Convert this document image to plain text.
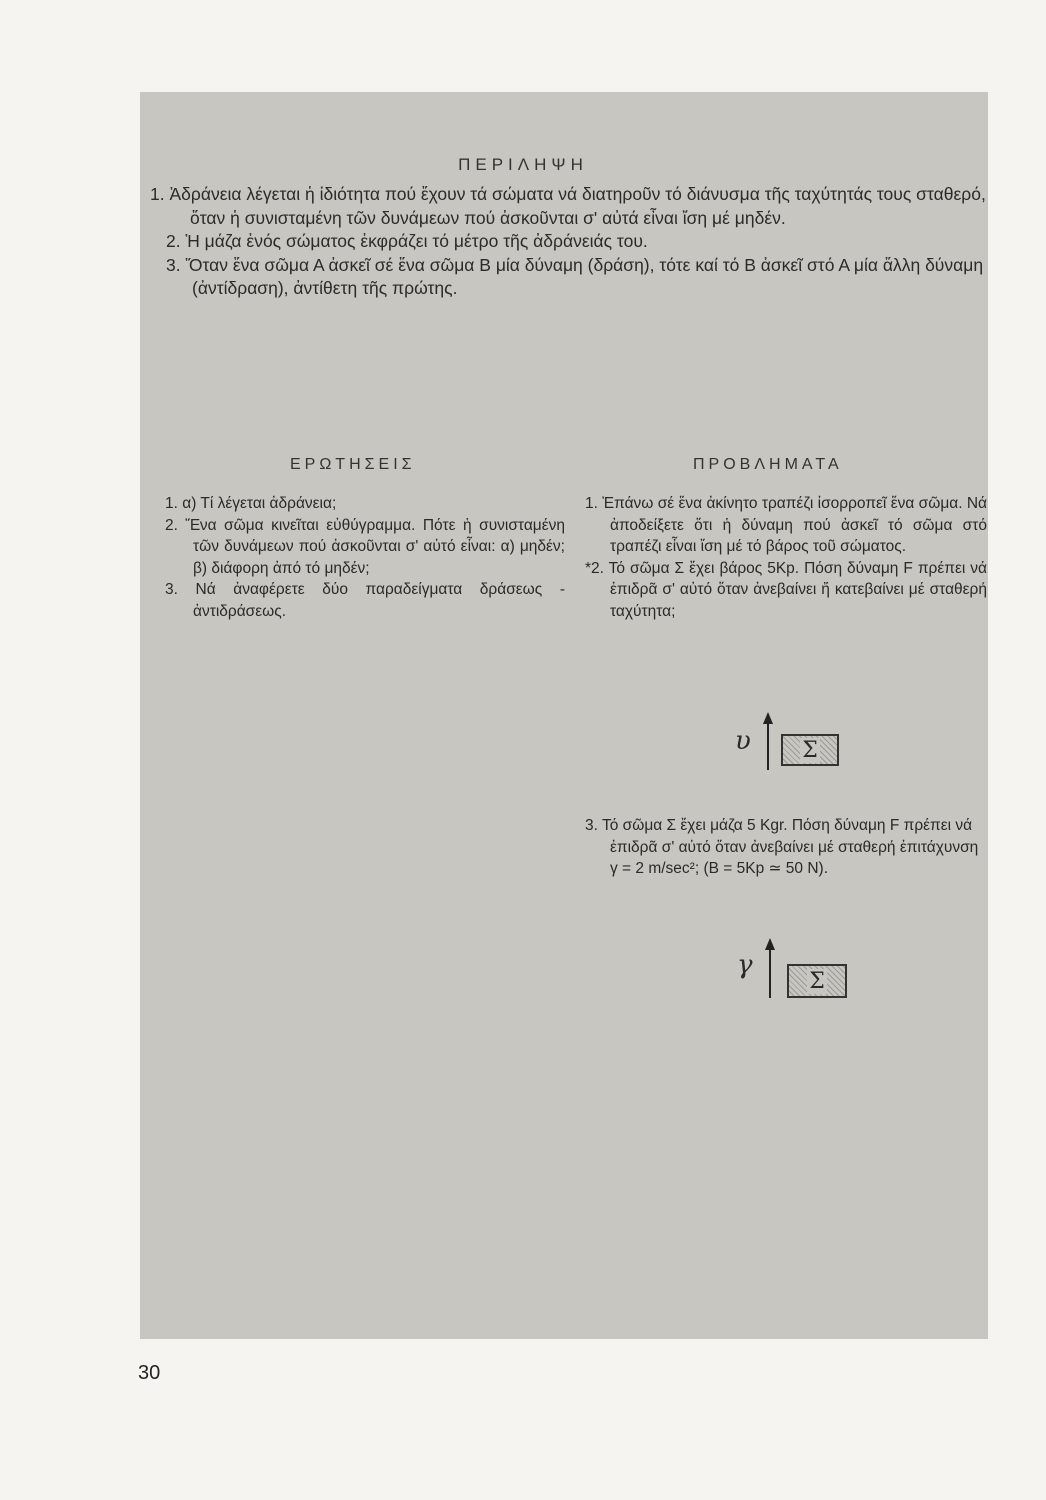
ΠΕΡΙΛΗΨΗ

1. Ἀδράνεια λέγεται ἡ ἰδιότητα πού ἔχουν τά σώματα νά διατηροῦν τό διάνυσμα τῆς ταχύτητάς τους σταθερό, ὅταν ἡ συνισταμένη τῶν δυνάμεων πού ἀσκοῦνται σ' αὐτά εἶναι ἴση μέ μηδέν.

2. Ἡ μάζα ἑνός σώματος ἐκφράζει τό μέτρο τῆς ἀδράνειάς του.

3. Ὅταν ἕνα σῶμα Α ἀσκεῖ σέ ἕνα σῶμα Β μία δύναμη (δράση), τότε καί τό Β ἀσκεῖ στό Α μία ἄλλη δύναμη (ἀντίδραση), ἀντίθετη τῆς πρώτης.

ΕΡΩΤΗΣΕΙΣ	ΠΡΟΒΛΗΜΑΤΑ

1. α) Τί λέγεται ἀδράνεια;

2. Ἕνα σῶμα κινεῖται εὐθύγραμμα. Πότε ἡ συνισταμένη τῶν δυνάμεων πού ἀσκοῦνται σ' αὐτό εἶναι: α) μηδέν; β) διάφορη ἀπό τό μηδέν;

3. Νά ἀναφέρετε δύο παραδείγματα δράσεως - ἀντιδράσεως.

1. Ἐπάνω σέ ἕνα ἀκίνητο τραπέζι ἰσορροπεῖ ἕνα σῶμα. Νά ἀποδείξετε ὅτι ἡ δύναμη πού ἀσκεῖ τό σῶμα στό τραπέζι εἶναι ἴση μέ τό βάρος τοῦ σώματος.

*2. Τό σῶμα Σ ἔχει βάρος 5Kp. Πόση δύναμη F πρέπει νά ἐπιδρᾶ σ' αὐτό ὅταν ἀνεβαίνει ἤ κατεβαίνει μέ σταθερή ταχύτητα;

υ Σ

3. Τό σῶμα Σ ἔχει μάζα 5 Kgr. Πόση δύναμη F πρέπει νά ἐπιδρᾶ σ' αὐτό ὅταν ἀνεβαίνει μέ σταθερή ἐπιτάχυνση γ = 2 m/sec²; (B = 5Kp ≃ 50 N).

γ
Σ
30
